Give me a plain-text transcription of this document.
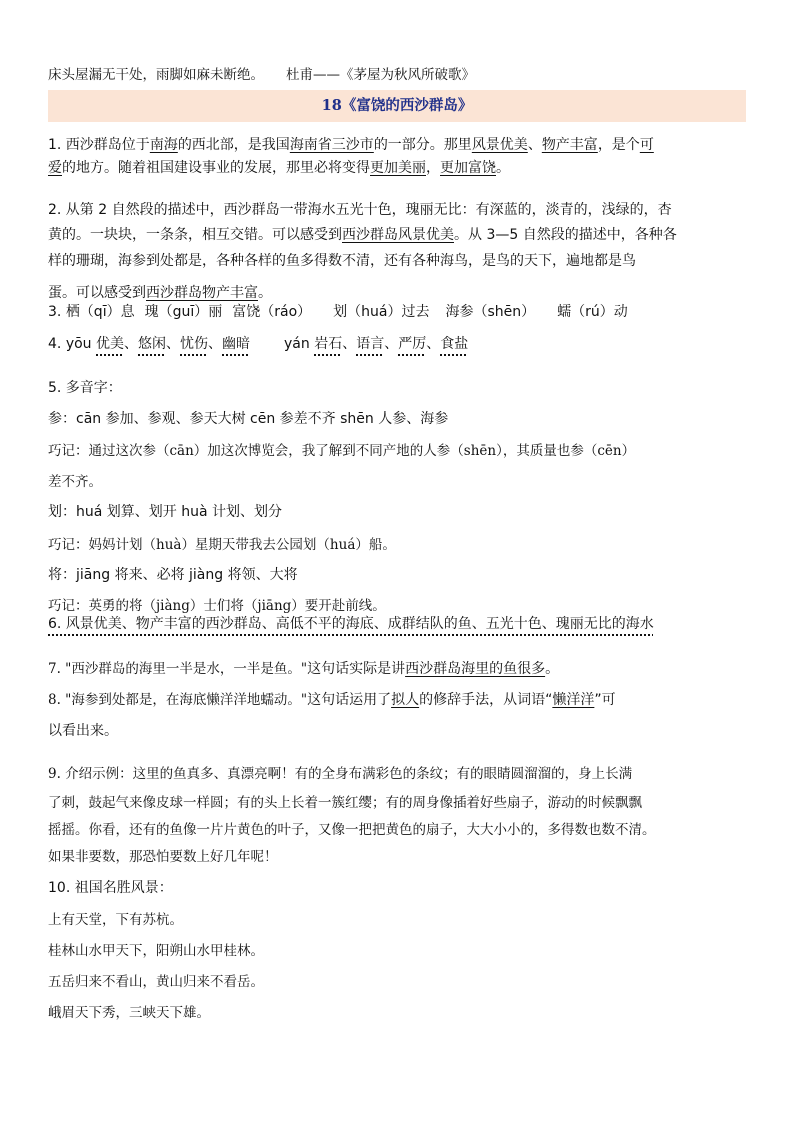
床头屋漏无干处，雨脚如麻未断绝。 杜甫——《茅屋为秋风所破歌》
18《富饶的西沙群岛》
1. 西沙群岛位于南海的西北部，是我国海南省三沙市的一部分。那里风景优美、物产丰富，是个可
爱的地方。随着祖国建设事业的发展，那里必将变得更加美丽，更加富饶。
2. 从第 2 自然段的描述中，西沙群岛一带海水五光十色，瑰丽无比：有深蓝的，淡青的，浅绿的，杏
黄的。一块块，一条条，相互交错。可以感受到西沙群岛风景优美。从 3—5 自然段的描述中，各种各
样的珊瑚，海参到处都是，各种各样的鱼多得数不清，还有各种海鸟，是鸟的天下，遍地都是鸟
蛋。可以感受到西沙群岛物产丰富。
3. 栖（qī）息 瑰（guī）丽 富饶（ráo） 划（huá）过去 海参（shēn） 蠕（rú）动
4. yōu 优美、悠闲、忧伤、幽暗 yán 岩石、语言、严厉、食盐
5. 多音字：
参：cān 参加、参观、参天大树 cēn 参差不齐 shēn 人参、海参
巧记：通过这次参（cān）加这次博览会，我了解到不同产地的人参（shēn），其质量也参（cēn）
差不齐。
划：huá 划算、划开 huà 计划、划分
巧记：妈妈计划（huà）星期天带我去公园划（huá）船。
将：jiāng 将来、必将 jiàng 将领、大将
巧记：英勇的将（jiàng）士们将（jiāng）要开赴前线。
6. 风景优美、物产丰富的西沙群岛、高低不平的海底、成群结队的鱼、五光十色、瑰丽无比的海水
7. "西沙群岛的海里一半是水，一半是鱼。"这句话实际是讲西沙群岛海里的鱼很多。
8. "海参到处都是，在海底懒洋洋地蠕动。"这句话运用了拟人的修辞手法，从词语“懒洋洋”可
以看出来。
9. 介绍示例：这里的鱼真多、真漂亮啊！有的全身布满彩色的条纹；有的眼睛圆溜溜的，身上长满
了刺，鼓起气来像皮球一样圆；有的头上长着一簇红缨；有的周身像插着好些扇子，游动的时候飘飘
摇摇。你看，还有的鱼像一片片黄色的叶子，又像一把把黄色的扇子，大大小小的，多得数也数不清。
如果非要数，那恐怕要数上好几年呢！
10. 祖国名胜风景：
上有天堂，下有苏杭。
桂林山水甲天下，阳朔山水甲桂林。
五岳归来不看山，黄山归来不看岳。
峨眉天下秀，三峡天下雄。
